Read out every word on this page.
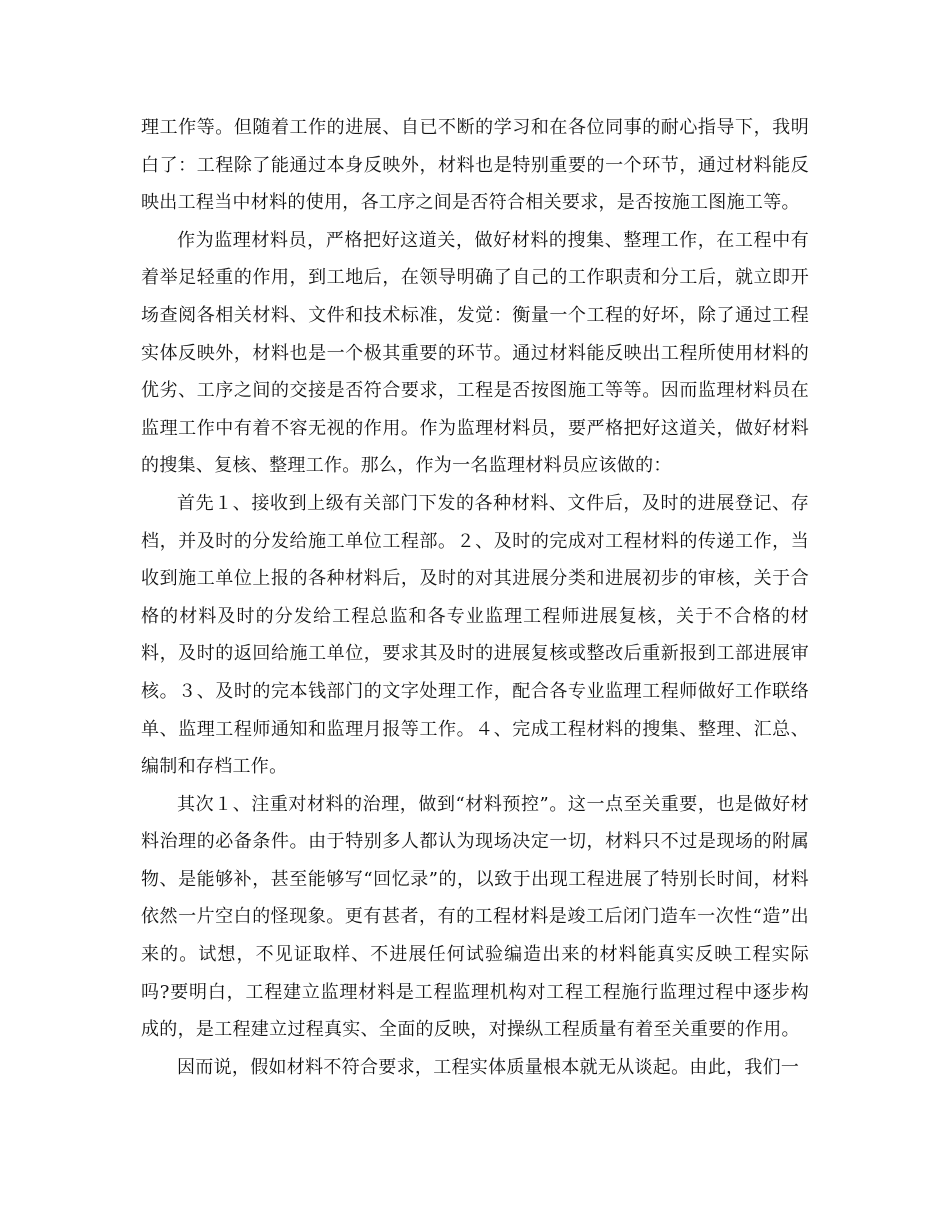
理工作等。但随着工作的进展、自已不断的学习和在各位同事的耐心指导下，我明白了：工程除了能通过本身反映外，材料也是特别重要的一个环节，通过材料能反映出工程当中材料的使用，各工序之间是否符合相关要求，是否按施工图施工等。

作为监理材料员，严格把好这道关，做好材料的搜集、整理工作，在工程中有着举足轻重的作用，到工地后，在领导明确了自己的工作职责和分工后，就立即开场查阅各相关材料、文件和技术标准，发觉：衡量一个工程的好坏，除了通过工程实体反映外，材料也是一个极其重要的环节。通过材料能反映出工程所使用材料的优劣、工序之间的交接是否符合要求，工程是否按图施工等等。因而监理材料员在监理工作中有着不容无视的作用。作为监理材料员，要严格把好这道关，做好材料的搜集、复核、整理工作。那么，作为一名监理材料员应该做的：

首先１、接收到上级有关部门下发的各种材料、文件后，及时的进展登记、存档，并及时的分发给施工单位工程部。２、及时的完成对工程材料的传递工作，当收到施工单位上报的各种材料后，及时的对其进展分类和进展初步的审核，关于合格的材料及时的分发给工程总监和各专业监理工程师进展复核，关于不合格的材料，及时的返回给施工单位，要求其及时的进展复核或整改后重新报到工部进展审核。３、及时的完本钱部门的文字处理工作，配合各专业监理工程师做好工作联络单、监理工程师通知和监理月报等工作。４、完成工程材料的搜集、整理、汇总、编制和存档工作。

其次１、注重对材料的治理，做到“材料预控”。这一点至关重要，也是做好材料治理的必备条件。由于特别多人都认为现场决定一切，材料只不过是现场的附属物、是能够补，甚至能够写“回忆录”的，以致于出现工程进展了特别长时间，材料依然一片空白的怪现象。更有甚者，有的工程材料是竣工后闭门造车一次性“造”出来的。试想，不见证取样、不进展任何试验编造出来的材料能真实反映工程实际吗?要明白，工程建立监理材料是工程监理机构对工程工程施行监理过程中逐步构成的，是工程建立过程真实、全面的反映，对操纵工程质量有着至关重要的作用。

因而说，假如材料不符合要求，工程实体质量根本就无从谈起。由此，我们一
